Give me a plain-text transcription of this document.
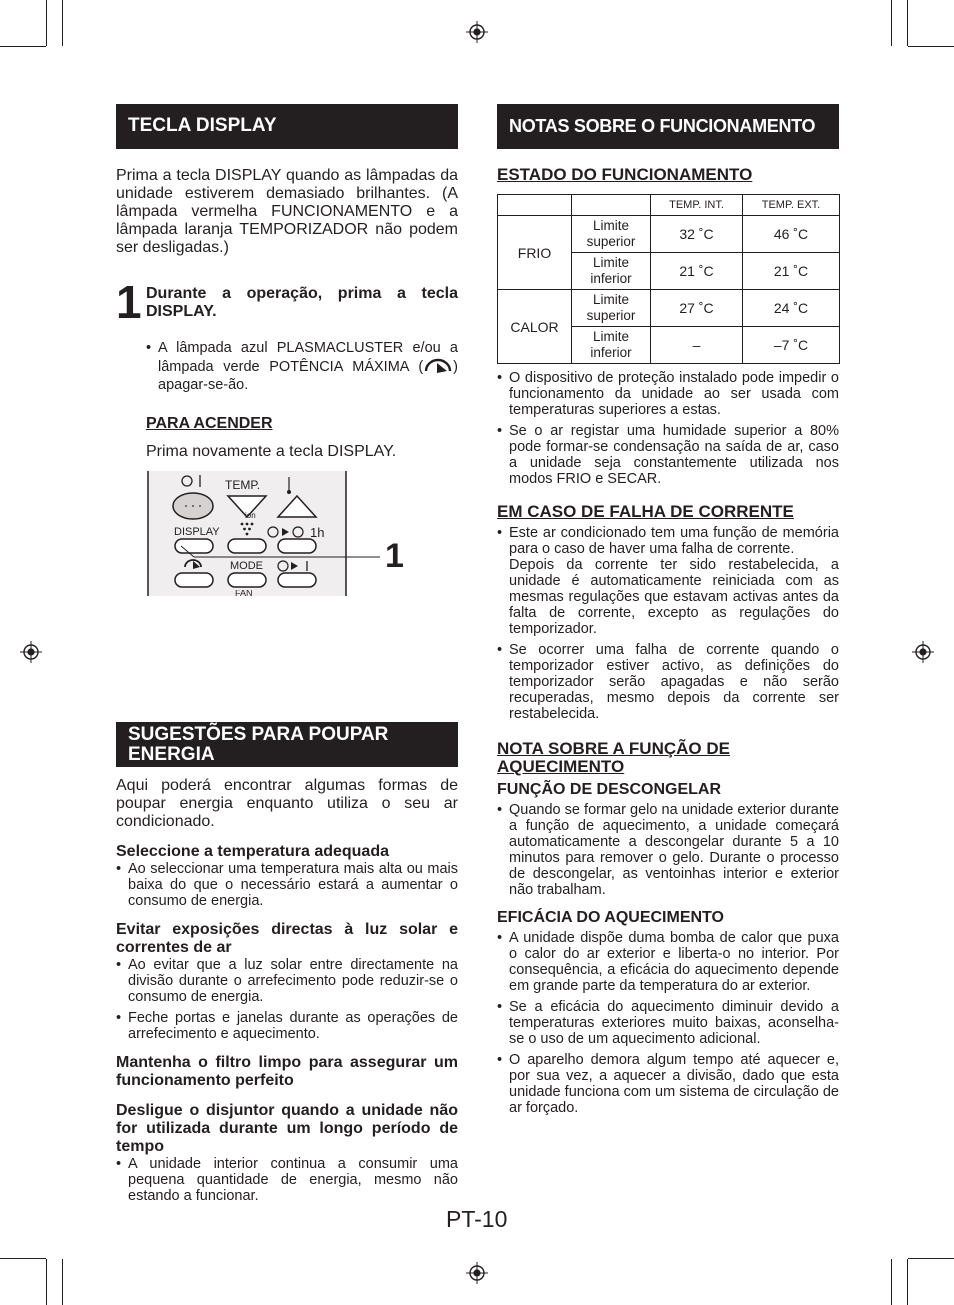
TECLA DISPLAY
Prima a tecla DISPLAY quando as lâmpadas da unidade estiverem demasiado brilhantes. (A lâmpada vermelha FUNCIONAMENTO e a lâmpada laranja TEMPORIZADOR não podem ser desligadas.)
1 Durante a operação, prima a tecla DISPLAY.
• A lâmpada azul PLASMACLUSTER e/ou a lâmpada verde POTÊNCIA MÁXIMA ( ) apagar-se-ão.
PARA ACENDER
Prima novamente a tecla DISPLAY.
TEMP.
DISPLAY
ion
1h
MODE
FAN
1
SUGESTÕES PARA POUPAR
ENERGIA
Aqui poderá encontrar algumas formas de poupar energia enquanto utiliza o seu ar condicionado.
Seleccione a temperatura adequada
• Ao seleccionar uma temperatura mais alta ou mais baixa do que o necessário estará a aumentar o consumo de energia.
Evitar exposições directas à luz solar e correntes de ar
• Ao evitar que a luz solar entre directamente na divisão durante o arrefecimento pode reduzir-se o consumo de energia.
• Feche portas e janelas durante as operações de arrefecimento e aquecimento.
Mantenha o filtro limpo para assegurar um funcionamento perfeito
Desligue o disjuntor quando a unidade não for utilizada durante um longo período de tempo
• A unidade interior continua a consumir uma pequena quantidade de energia, mesmo não estando a funcionar.
NOTAS SOBRE O FUNCIONAMENTO
ESTADO DO FUNCIONAMENTO
		TEMP. INT.	TEMP. EXT.
FRIO	Limite superior	32 ˚C	46 ˚C
	Limite inferior	21 ˚C	21 ˚C
CALOR	Limite superior	27 ˚C	24 ˚C
	Limite inferior	–	–7 ˚C
• O dispositivo de proteção instalado pode impedir o funcionamento da unidade ao ser usada com temperaturas superiores a estas.
• Se o ar registar uma humidade superior a 80% pode formar-se condensação na saída de ar, caso a unidade seja constantemente utilizada nos modos FRIO e SECAR.
EM CASO DE FALHA DE CORRENTE
• Este ar condicionado tem uma função de memória para o caso de haver uma falha de corrente.
Depois da corrente ter sido restabelecida, a unidade é automaticamente reiniciada com as mesmas regulações que estavam activas antes da falta de corrente, excepto as regulações do temporizador.
• Se ocorrer uma falha de corrente quando o temporizador estiver activo, as definições do temporizador serão apagadas e não serão recuperadas, mesmo depois da corrente ser restabelecida.
NOTA SOBRE A FUNÇÃO DE AQUECIMENTO
FUNÇÃO DE DESCONGELAR
• Quando se formar gelo na unidade exterior durante a função de aquecimento, a unidade começará automaticamente a descongelar durante 5 a 10 minutos para remover o gelo. Durante o processo de descongelar, as ventoinhas interior e exterior não trabalham.
EFICÁCIA DO AQUECIMENTO
• A unidade dispõe duma bomba de calor que puxa o calor do ar exterior e liberta-o no interior. Por consequência, a eficácia do aquecimento depende em grande parte da temperatura do ar exterior.
• Se a eficácia do aquecimento diminuir devido a temperaturas exteriores muito baixas, aconselha-se o uso de um aquecimento adicional.
• O aparelho demora algum tempo até aquecer e, por sua vez, a aquecer a divisão, dado que esta unidade funciona com um sistema de circulação de ar forçado.
PT-10
